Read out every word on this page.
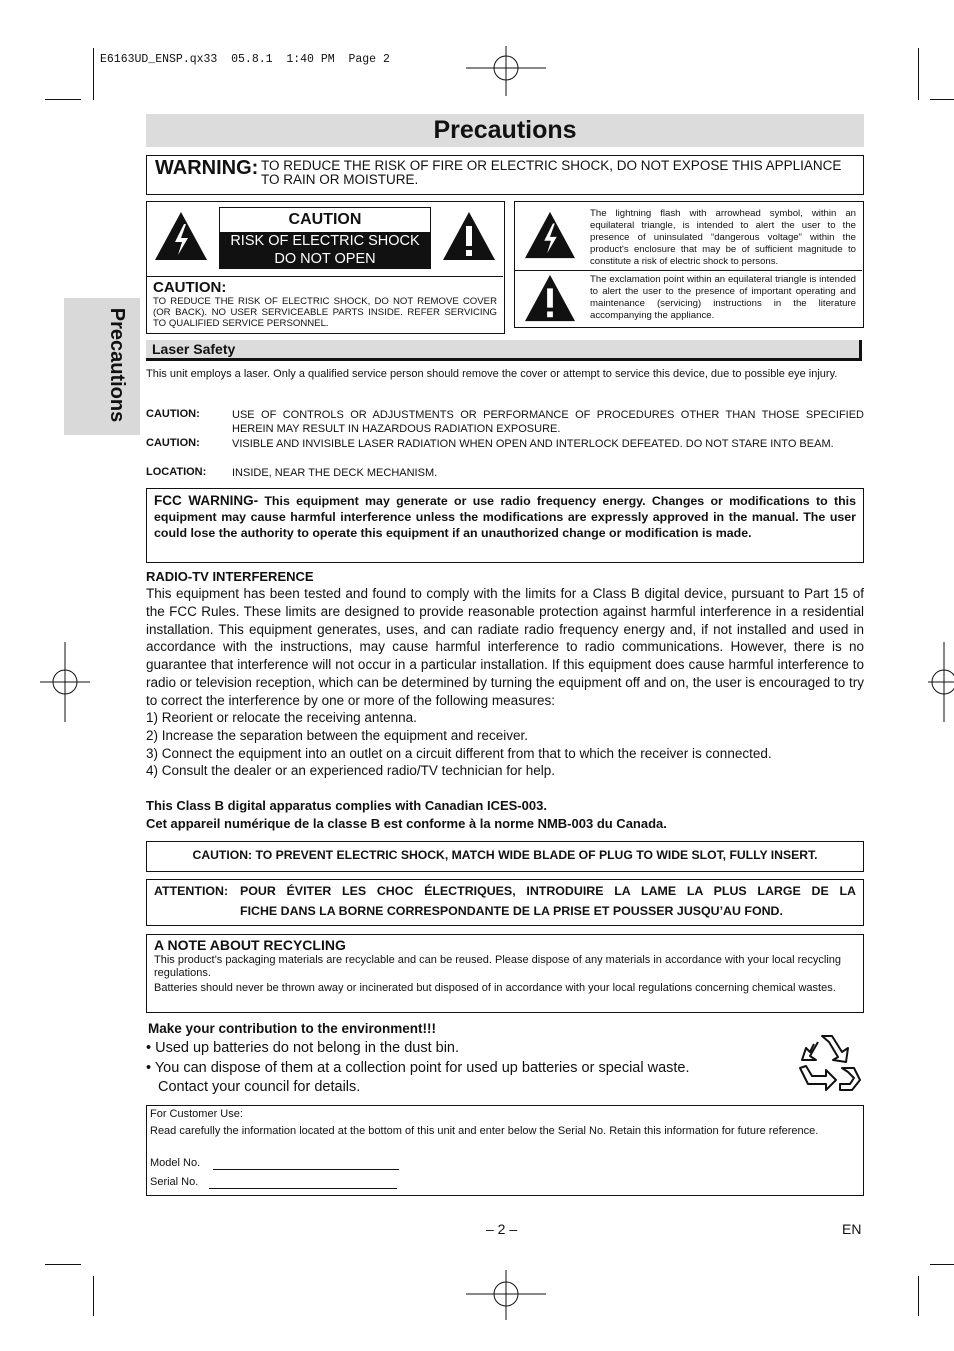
E6163UD_ENSP.qx33  05.8.1  1:40 PM  Page 2
Precautions
Precautions
WARNING: TO REDUCE THE RISK OF FIRE OR ELECTRIC SHOCK, DO NOT EXPOSE THIS APPLIANCE TO RAIN OR MOISTURE.
CAUTION
RISK OF ELECTRIC SHOCK
DO NOT OPEN
CAUTION:
TO REDUCE THE RISK OF ELECTRIC SHOCK, DO NOT REMOVE COVER (OR BACK). NO USER SERVICEABLE PARTS INSIDE. REFER SERVICING TO QUALIFIED SERVICE PERSONNEL.
The lightning flash with arrowhead symbol, within an equilateral triangle, is intended to alert the user to the presence of uninsulated “dangerous voltage” within the product's enclosure that may be of sufficient magnitude to constitute a risk of electric shock to persons.
The exclamation point within an equilateral triangle is intended to alert the user to the presence of important operating and maintenance (servicing) instructions in the literature accompanying the appliance.
Laser Safety
This unit employs a laser. Only a qualified service person should remove the cover or attempt to service this device, due to possible eye injury.
CAUTION:	USE OF CONTROLS OR ADJUSTMENTS OR PERFORMANCE OF PROCEDURES OTHER THAN THOSE SPECIFIED HEREIN MAY RESULT IN HAZARDOUS RADIATION EXPOSURE.
CAUTION:	VISIBLE AND INVISIBLE LASER RADIATION WHEN OPEN AND INTERLOCK DEFEATED. DO NOT STARE INTO BEAM.
LOCATION: INSIDE, NEAR THE DECK MECHANISM.
FCC WARNING- This equipment may generate or use radio frequency energy. Changes or modifications to this equipment may cause harmful interference unless the modifications are expressly approved in the manual. The user could lose the authority to operate this equipment if an unauthorized change or modification is made.
RADIO-TV INTERFERENCE
This equipment has been tested and found to comply with the limits for a Class B digital device, pursuant to Part 15 of the FCC Rules. These limits are designed to provide reasonable protection against harmful interference in a residential installation. This equipment generates, uses, and can radiate radio frequency energy and, if not installed and used in accordance with the instructions, may cause harmful interference to radio communications. However, there is no guarantee that interference will not occur in a particular installation. If this equipment does cause harmful interference to radio or television reception, which can be determined by turning the equipment off and on, the user is encouraged to try to correct the interference by one or more of the following measures:
1) Reorient or relocate the receiving antenna.
2) Increase the separation between the equipment and receiver.
3) Connect the equipment into an outlet on a circuit different from that to which the receiver is connected.
4) Consult the dealer or an experienced radio/TV technician for help.
This Class B digital apparatus complies with Canadian ICES-003.
Cet appareil numérique de la classe B est conforme à la norme NMB-003 du Canada.
CAUTION: TO PREVENT ELECTRIC SHOCK, MATCH WIDE BLADE OF PLUG TO WIDE SLOT, FULLY INSERT.
ATTENTION: POUR ÉVITER LES CHOC ÉLECTRIQUES, INTRODUIRE LA LAME LA PLUS LARGE DE LA
FICHE DANS LA BORNE CORRESPONDANTE DE LA PRISE ET POUSSER JUSQU’AU FOND.
A NOTE ABOUT RECYCLING
This product’s packaging materials are recyclable and can be reused. Please dispose of any materials in accordance with your local recycling regulations.
Batteries should never be thrown away or incinerated but disposed of in accordance with your local regulations concerning chemical wastes.
Make your contribution to the environment!!!
• Used up batteries do not belong in the dust bin.
• You can dispose of them at a collection point for used up batteries or special waste.
Contact your council for details.
For Customer Use:
Read carefully the information located at the bottom of this unit and enter below the Serial No. Retain this information for future reference.
Model No.
Serial No.
– 2 –	EN
